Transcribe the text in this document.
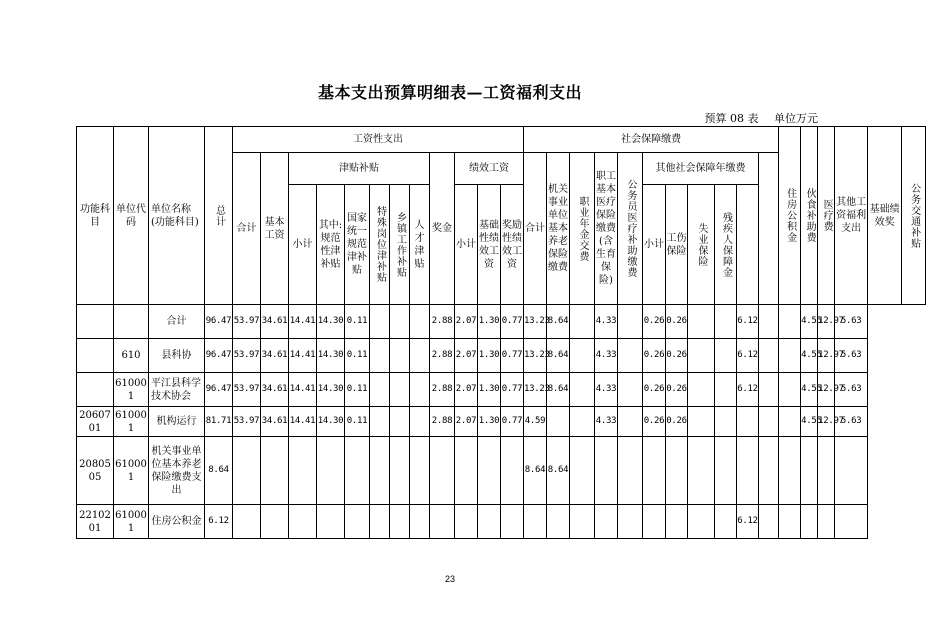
基本支出预算明细表—工资福利支出
预算 08 表 单位万元
功能科目	单位代码	单位名称(功能科目)	总计	工资性支出												社会保障缴费											住房公积金	伙食补助费	医疗费	其他工资福利支出	基础绩效奖	公务交通补贴

				合计	基本工资	津贴补贴						奖金	绩效工资			合计	机关事业单位基本养老保险缴费	职业年金交费	职工基本医疗保险缴费(含生育保险)	公务员医疗补助缴费	其他社会保障年缴费											
						小计	其中:规范性津补贴	国家统一规范津补贴	特殊岗位津补贴	乡镇工作补贴	人才津贴		小计	基础性绩效工资	奖励性绩效工资						小计	工伤保险	失业保险	残疾人保障金								

		合计	96.47	53.97	34.61	14.41	14.30	0.11				2.88	2.07	1.30	0.77	13.23	8.64		4.33		0.26	0.26			6.12			4.55	12.97	5.63		
	610	县科协	96.47	53.97	34.61	14.41	14.30	0.11				2.88	2.07	1.30	0.77	13.23	8.64		4.33		0.26	0.26			6.12			4.55	12.97	5.63		
	610001	平江县科学技术协会	96.47	53.97	34.61	14.41	14.30	0.11				2.88	2.07	1.30	0.77	13.23	8.64		4.33		0.26	0.26			6.12			4.55	12.97	5.63		
2060701	610001	机构运行	81.71	53.97	34.61	14.41	14.30	0.11				2.88	2.07	1.30	0.77	4.59			4.33		0.26	0.26						4.55	12.97	5.63		
2080505	610001	机关事业单位基本养老保险缴费支出	8.64													8.64	8.64															
2210201	610001	住房公积金	6.12																						6.12							
23
